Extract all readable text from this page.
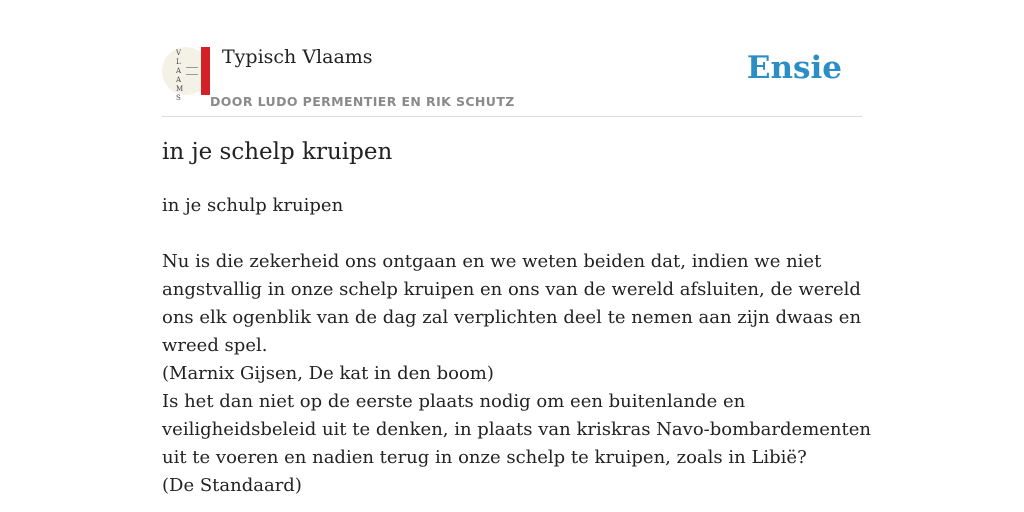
V
L
A
A
M
S
Typisch Vlaams
DOOR LUDO PERMENTIER EN RIK SCHUTZ
Ensie
in je schelp kruipen

in je schulp kruipen

Nu is die zekerheid ons ontgaan en we weten beiden dat, indien we niet angstvallig in onze schelp kruipen en ons van de wereld afsluiten, de wereld ons elk ogenblik van de dag zal verplichten deel te nemen aan zijn dwaas en wreed spel.

(Marnix Gijsen, De kat in den boom)

Is het dan niet op de eerste plaats nodig om een buitenlande en veiligheidsbeleid uit te denken, in plaats van kriskras Navo-bombardementen uit te voeren en nadien terug in onze schelp te kruipen, zoals in Libië?

(De Standaard)
